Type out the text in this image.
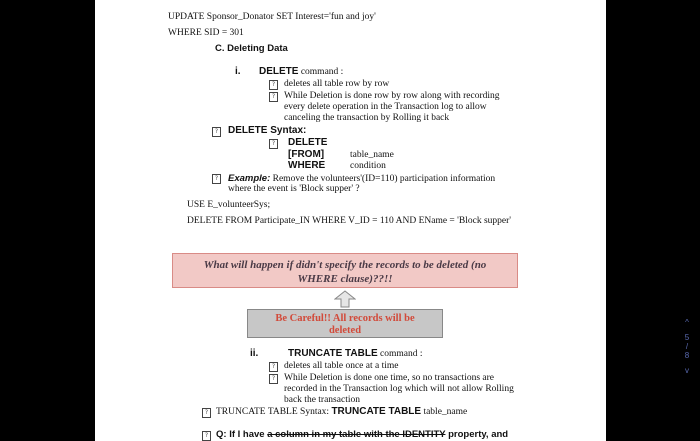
UPDATE Sponsor_Donator SET Interest='fun and joy'
WHERE SID = 301
C. Deleting Data
i. DELETE command :
? deletes all table row by row
? While Deletion is done row by row along with recording
every delete operation in the Transaction log to allow
canceling the transaction by Rolling it back
? DELETE Syntax:
? DELETE
[FROM]	table_name
WHERE	condition
?	Example: Remove the volunteers'(ID=110) participation information
where the event is 'Block supper' ?
USE E_volunteerSys;
DELETE FROM Participate_IN WHERE V_ID = 110 AND EName = 'Block supper'
What will happen if didn't specify the records to be deleted (no
WHERE clause)??!!
Be Careful!! All records will be
deleted
ii.	TRUNCATE TABLE command :
? deletes all table once at a time
? While Deletion is done one time, so no transactions are
recorded in the Transaction log which will not allow Rolling
back the transaction
? TRUNCATE TABLE Syntax: TRUNCATE TABLE table_name
? Q: If I have a column in my table with the IDENTITY property, and
^
5
/
8
v
